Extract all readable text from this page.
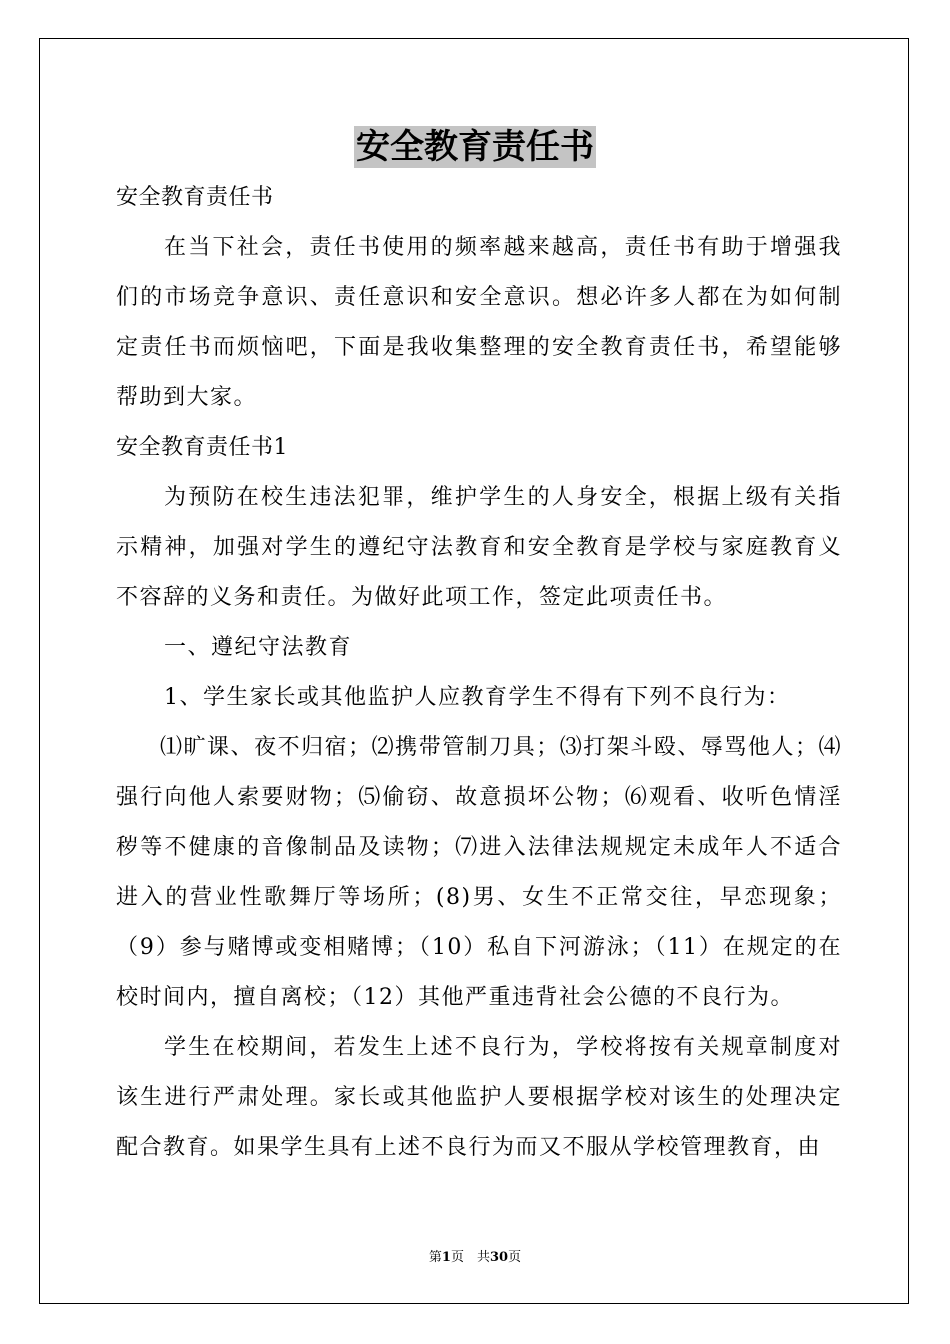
安全教育责任书

安全教育责任书

在当下社会，责任书使用的频率越来越高，责任书有助于增强我们的市场竞争意识、责任意识和安全意识。想必许多人都在为如何制定责任书而烦恼吧，下面是我收集整理的安全教育责任书，希望能够帮助到大家。

安全教育责任书1

为预防在校生违法犯罪，维护学生的人身安全，根据上级有关指示精神，加强对学生的遵纪守法教育和安全教育是学校与家庭教育义不容辞的义务和责任。为做好此项工作，签定此项责任书。

一、遵纪守法教育

1、学生家长或其他监护人应教育学生不得有下列不良行为：

⑴旷课、夜不归宿；⑵携带管制刀具；⑶打架斗殴、辱骂他人；⑷强行向他人索要财物；⑸偷窃、故意损坏公物；⑹观看、收听色情淫秽等不健康的音像制品及读物；⑺进入法律法规规定未成年人不适合进入的营业性歌舞厅等场所；(8)男、女生不正常交往，早恋现象；（9）参与赌博或变相赌博；（10）私自下河游泳；（11）在规定的在校时间内，擅自离校；（12）其他严重违背社会公德的不良行为。

学生在校期间，若发生上述不良行为，学校将按有关规章制度对该生进行严肃处理。家长或其他监护人要根据学校对该生的处理决定配合教育。如果学生具有上述不良行为而又不服从学校管理教育，由

第1页　共30页
